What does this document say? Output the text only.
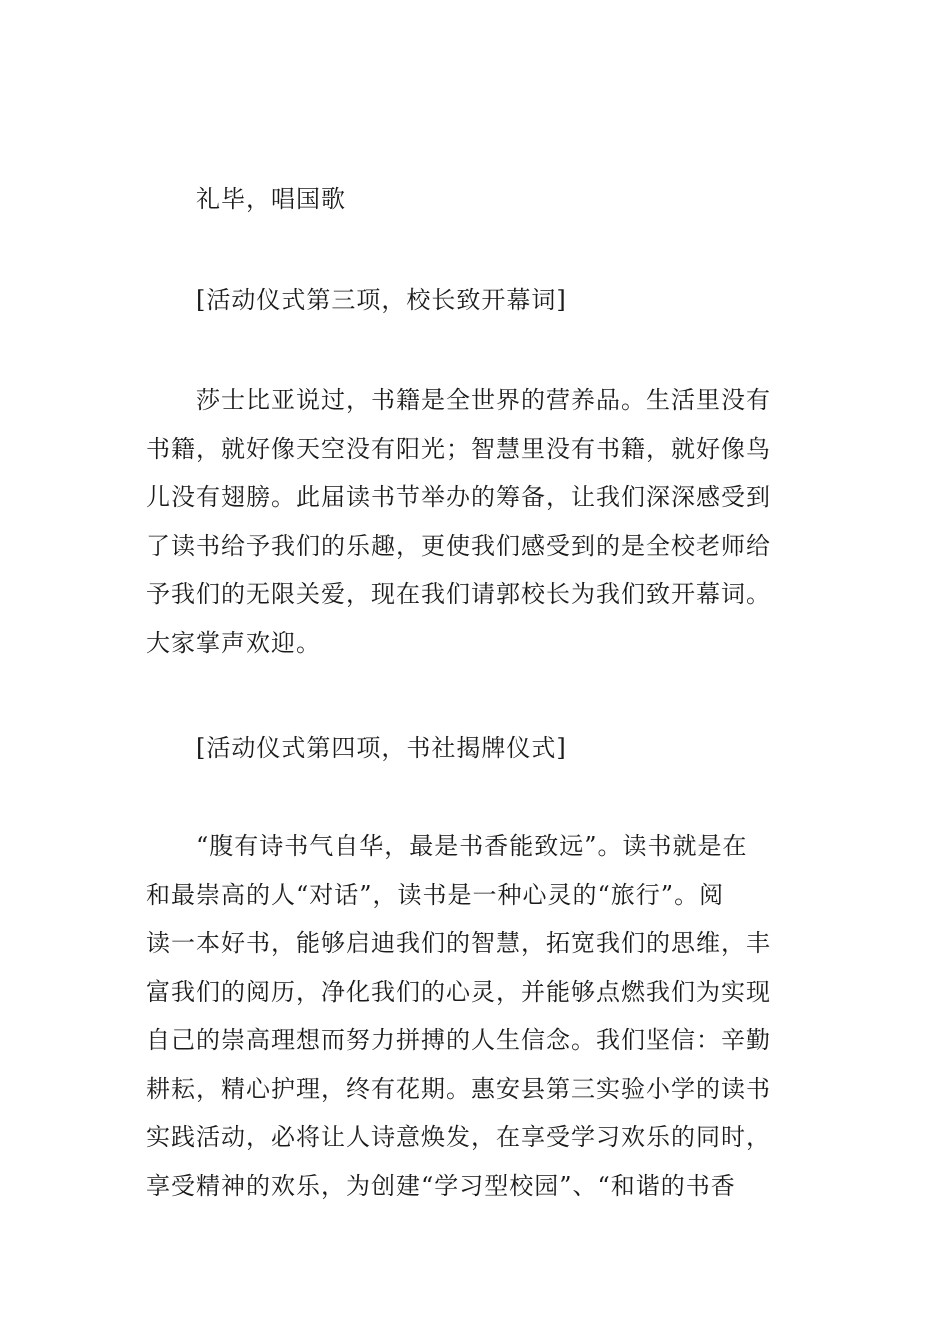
礼毕，唱国歌
[活动仪式第三项，校长致开幕词]
莎士比亚说过，书籍是全世界的营养品。生活里没有
书籍，就好像天空没有阳光；智慧里没有书籍，就好像鸟
儿没有翅膀。此届读书节举办的筹备，让我们深深感受到
了读书给予我们的乐趣，更使我们感受到的是全校老师给
予我们的无限关爱，现在我们请郭校长为我们致开幕词。
大家掌声欢迎。
[活动仪式第四项，书社揭牌仪式]
“腹有诗书气自华，最是书香能致远”。读书就是在
和最崇高的人“对话”，读书是一种心灵的“旅行”。阅
读一本好书，能够启迪我们的智慧，拓宽我们的思维，丰
富我们的阅历，净化我们的心灵，并能够点燃我们为实现
自己的崇高理想而努力拼搏的人生信念。我们坚信：辛勤
耕耘，精心护理，终有花期。惠安县第三实验小学的读书
实践活动，必将让人诗意焕发，在享受学习欢乐的同时，
享受精神的欢乐，为创建“学习型校园”、“和谐的书香
